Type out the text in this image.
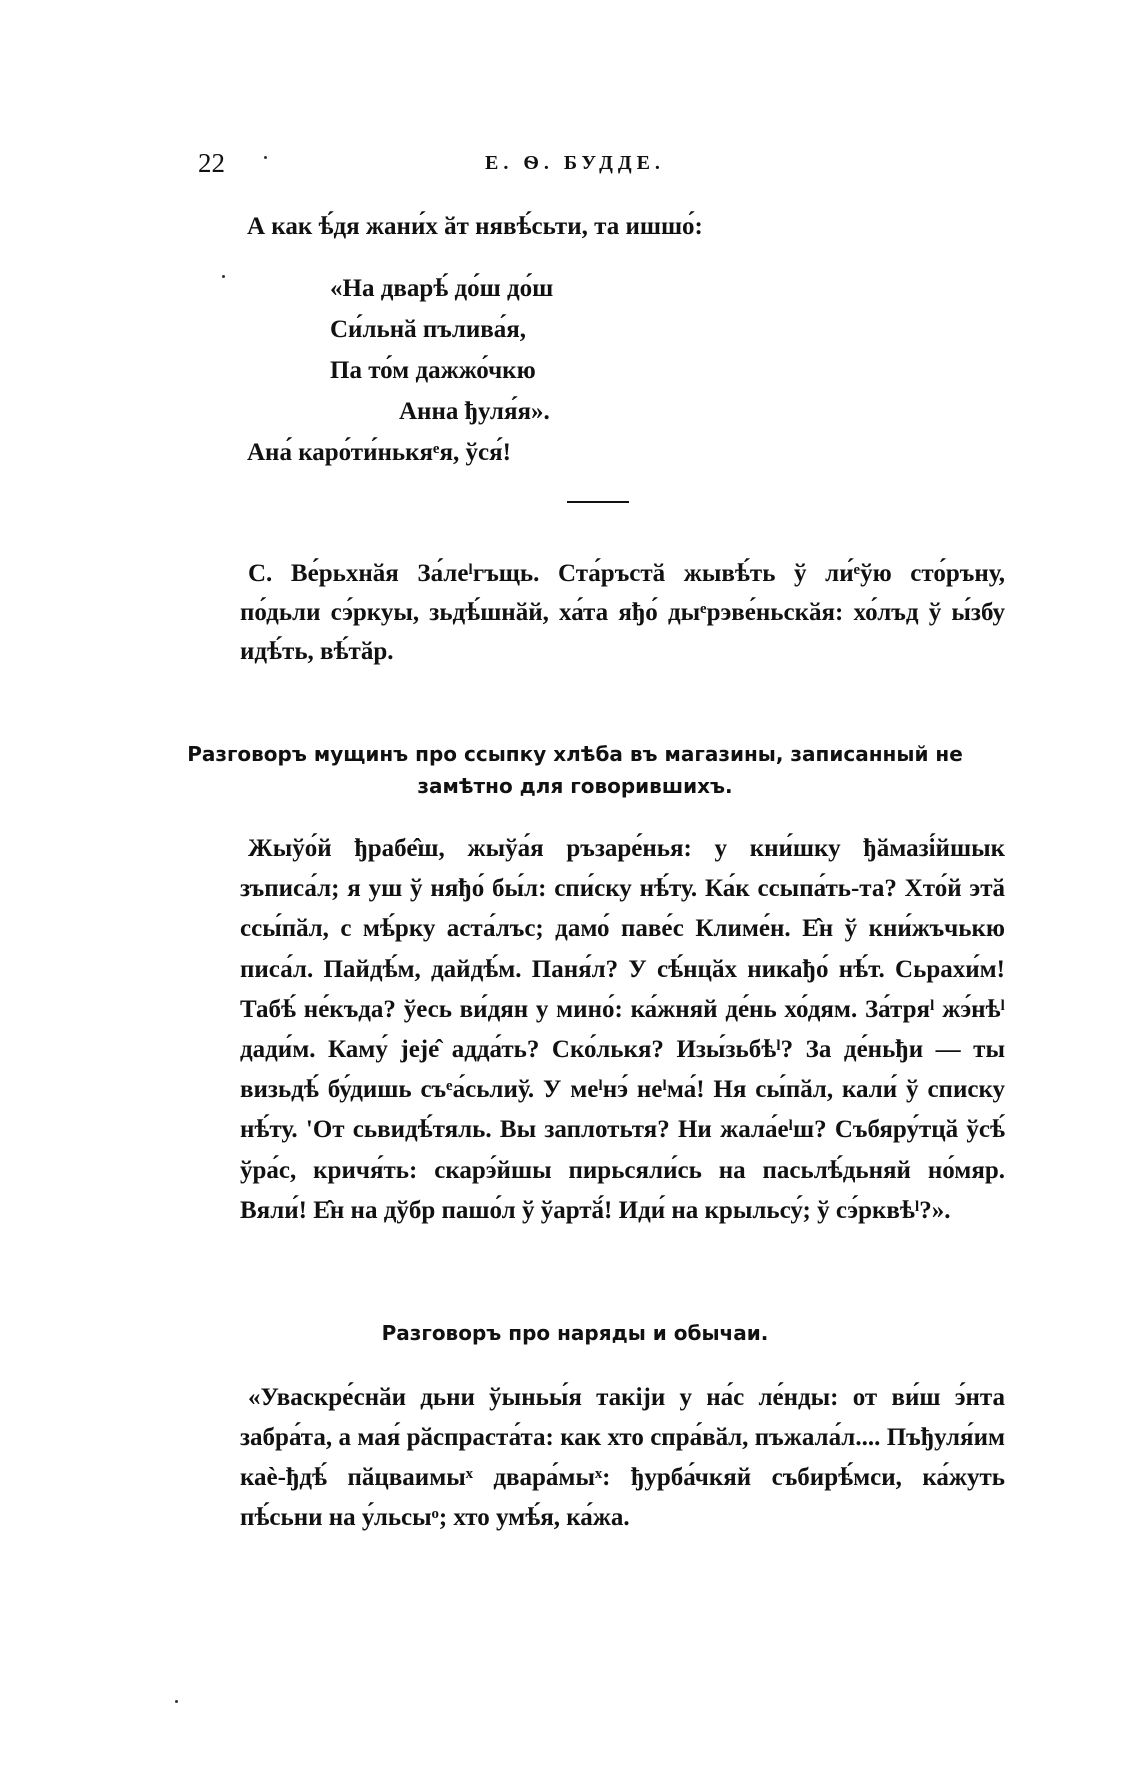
22	Е. Ѳ. БУДДЕ.

А как ѣ́дя жани́х ӑт нявѣ́сьти, та ишшо́:

«На дварѣ́ до́ш до́ш
Си́льнӑ пълива́я,
Па то́м дажжо́чкю
Анна ђуля́я».
Ана́ каро́ти́нькяᵉя, ўся́!

С. Ве́рьхнӑя За́леˡгъщь. Ста́ръстӑ жывѣ́ть ў ли́ᵉўю сто́ръну, по́дьли сэ́ркуы, зьдѣ́шнӑй, ха́та яђо́ дыᵉрэве́ньскӑя: хо́лъд ў ы́збу идѣ́ть, вѣ́тӑр.

Разговоръ мущинъ про ссыпку хлѣба въ магазины, записанный не замѣтно для говорившихъ.

Жыўо́й ђрабе̂ш, жыўа́я ръзаре́нья: у кни́шку ђӑмазі́йшык зъписа́л; я уш ў няђо́ бы́л: спи́ску нѣ́ту. Ка́к ссыпа́ть-та? Хто́й этӑ ссы́пӑл, с мѣ́рку аста́лъс; дамо́ паве́с Климе́н. Е̂н ў кни́жъчькю писа́л. Пайдѣ́м, дайдѣ́м. Паня́л? У сѣ́нцӑх никађо́ нѣ́т. Сьрахи́м! Табѣ́ не́къда? ўесь ви́дян у мино́: ка́жняй де́нь хо́дям. За́тряˡ жэ́нѣˡ дади́м. Каму́ јеје̂ адда́ть? Ско́лькя? Изы́зьбѣˡ? За де́ньђи — ты визьдѣ́ бу́дишь съᵉа́сьлиў. У меˡнэ́ неˡма́! Ня сы́пӑл, кали́ ў списку нѣ́ту. 'От сьвидѣ́тяль. Вы заплотьтя? Ни жала́еˡш? Събяру́тцӑ ўсѣ́ ўра́с, кричя́ть: скарэ́йшы пирьсяли́сь на пасьлѣ́дьняй но́мяр. Вяли́! Е̂н на дўбр пашо́л ў ўартӑ́! Иди́ на крыльсу́; ў сэ́рквѣˡ?».

Разговоръ про наряды и обычаи.

«Уваскре́снӑи дьни ўыньы́я такіји у на́с ле́нды: от ви́ш э́нта забра́та, а мая́ рӑспраста́та: как хто спра́вӑл, пъжала́л.... Пъђуля́им каѐ-ђдѣ́ пӑцваимыˣ двара́мыˣ: ђурба́чкяй събирѣ́мси, ка́жуть пѣ́сьни на у́льсыᵒ; хто умѣ́я, ка́жа.
